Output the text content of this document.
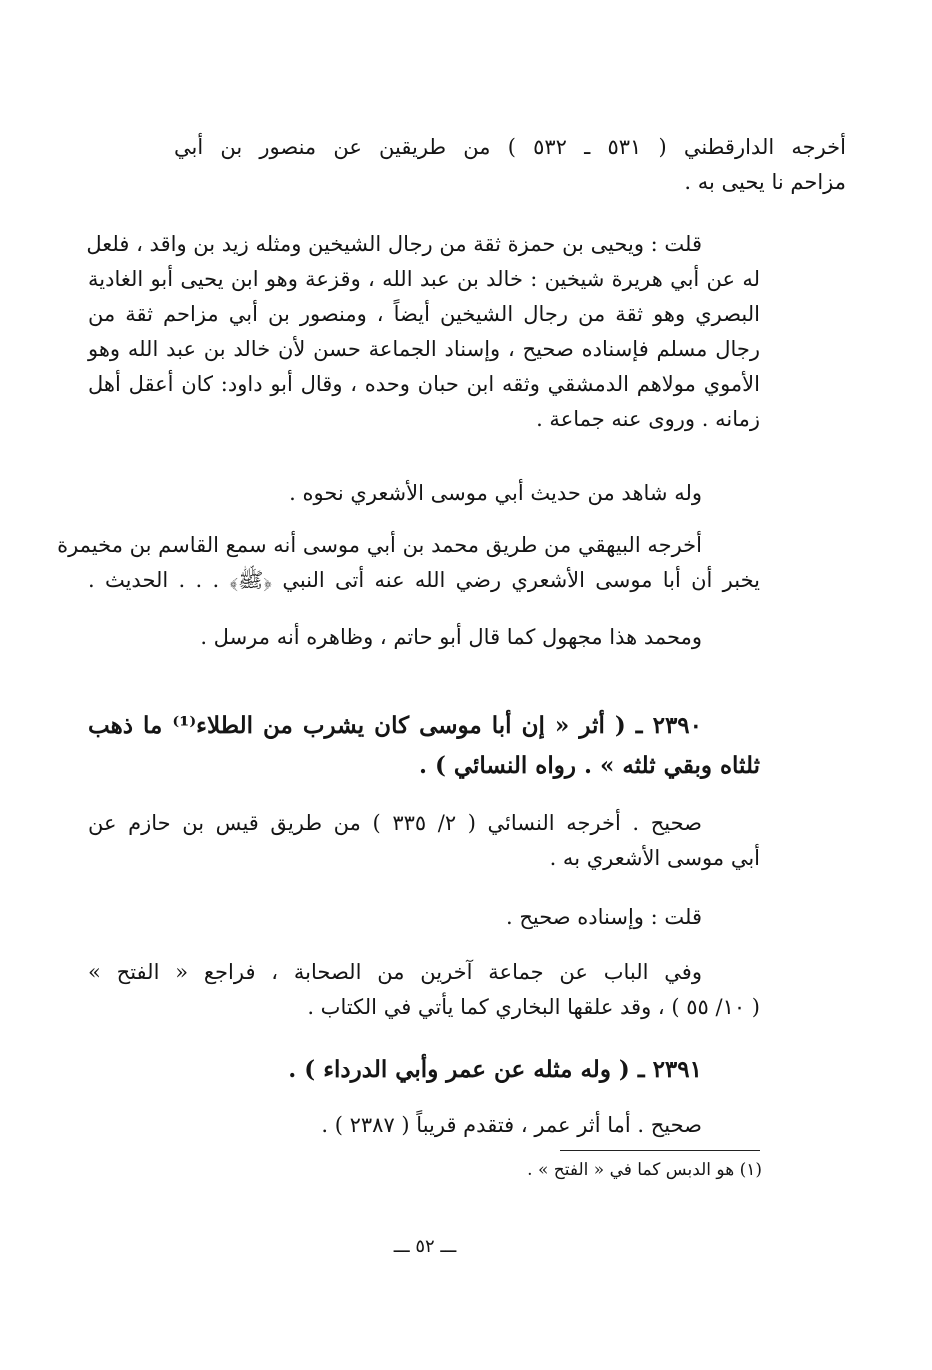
أخرجه الدارقطني ( ٥٣١ ـ ٥٣٢ ) من طريقين عن منصور بن أبي
مزاحم نا يحيى به .
قلت : ويحيى بن حمزة ثقة من رجال الشيخين ومثله زيد بن واقد ، فلعل
له عن أبي هريرة شيخين : خالد بن عبد الله ، وقزعة وهو ابن يحيى أبو الغادية
البصري وهو ثقة من رجال الشيخين أيضاً ، ومنصور بن أبي مزاحم ثقة من
رجال مسلم فإسناده صحيح ، وإسناد الجماعة حسن لأن خالد بن عبد الله وهو
الأموي مولاهم الدمشقي وثقه ابن حبان وحده ، وقال أبو داود: كان أعقل أهل
زمانه . وروى عنه جماعة .
وله شاهد من حديث أبي موسى الأشعري نحوه .
أخرجه البيهقي من طريق محمد بن أبي موسى أنه سمع القاسم بن مخيمرة
يخبر أن أبا موسى الأشعري رضي الله عنه أتى النبي ﴿ﷺ﴾ . . . الحديث .
ومحمد هذا مجهول كما قال أبو حاتم ، وظاهره أنه مرسل .
٢٣٩٠ ـ ( أثر « إن أبا موسى كان يشرب من الطلاء⁽¹⁾ ما ذهب
ثلثاه وبقي ثلثه » . رواه النسائي ) .
صحيح . أخرجه النسائي ( ٢/ ٣٣٥ ) من طريق قيس بن حازم عن
أبي موسى الأشعري به .
قلت : وإسناده صحيح .
وفي الباب عن جماعة آخرين من الصحابة ، فراجع « الفتح »
( ١٠/ ٥٥ ) ، وقد علقها البخاري كما يأتي في الكتاب .
٢٣٩١ ـ ( وله مثله عن عمر وأبي الدرداء ) .
صحيح . أما أثر عمر ، فتقدم قريباً ( ٢٣٨٧ ) .
(١) هو الدبس كما في « الفتح » .
ـــ ٥٢ ـــ
